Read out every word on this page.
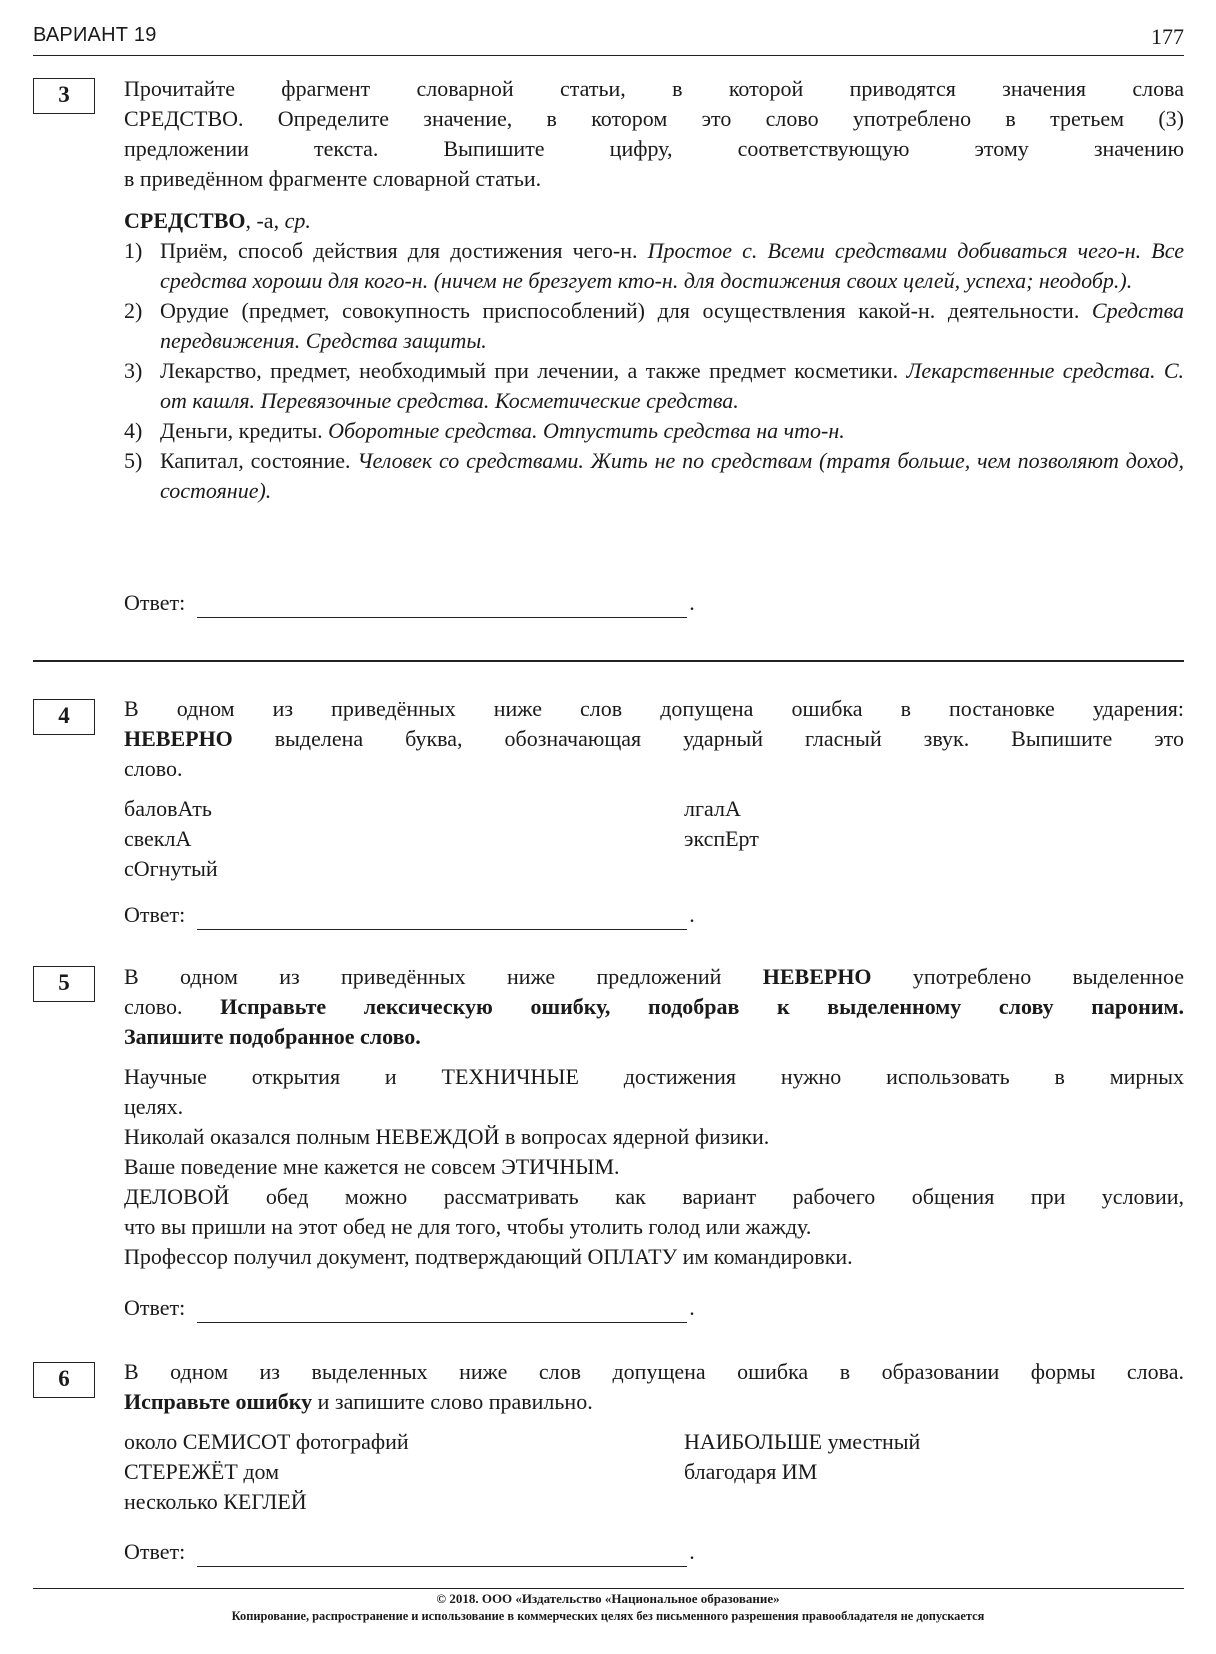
ВАРИАНТ 19	177
3	Прочитайте фрагмент словарной статьи, в которой приводятся значения слова
СРЕДСТВО. Определите значение, в котором это слово употреблено в третьем (3)
предложении текста. Выпишите цифру, соответствующую этому значению
в приведённом фрагменте словарной статьи.
СРЕДСТВО, -а, ср.
1) Приём, способ действия для достижения чего-н. Простое с. Всеми средствами добиваться чего-н. Все средства хороши для кого-н. (ничем не брезгует кто-н. для достижения своих целей, успеха; неодобр.).
2) Орудие (предмет, совокупность приспособлений) для осуществления какой-н. деятельности. Средства передвижения. Средства защиты.
3) Лекарство, предмет, необходимый при лечении, а также предмет косметики. Лекарственные средства. С. от кашля. Перевязочные средства. Косметические средства.
4) Деньги, кредиты. Оборотные средства. Отпустить средства на что-н.
5) Капитал, состояние. Человек со средствами. Жить не по средствам (тратя больше, чем позволяют доход, состояние).
Ответ:	.
4	В одном из приведённых ниже слов допущена ошибка в постановке ударения:
НЕВЕРНО выделена буква, обозначающая ударный гласный звук. Выпишите это
слово.
баловАть
свеклА
сОгнутый
лгалА
экспЕрт
Ответ:	.
5	В одном из приведённых ниже предложений НЕВЕРНО употреблено выделенное
слово. Исправьте лексическую ошибку, подобрав к выделенному слову пароним.
Запишите подобранное слово.
Научные открытия и ТЕХНИЧНЫЕ достижения нужно использовать в мирных
целях.
Николай оказался полным НЕВЕЖДОЙ в вопросах ядерной физики.
Ваше поведение мне кажется не совсем ЭТИЧНЫМ.
ДЕЛОВОЙ обед можно рассматривать как вариант рабочего общения при условии,
что вы пришли на этот обед не для того, чтобы утолить голод или жажду.
Профессор получил документ, подтверждающий ОПЛАТУ им командировки.
Ответ:	.
6	В одном из выделенных ниже слов допущена ошибка в образовании формы слова.
Исправьте ошибку и запишите слово правильно.
около СЕМИСОТ фотографий
СТЕРЕЖЁТ дом
несколько КЕГЛЕЙ
НАИБОЛЬШЕ уместный
благодаря ИМ
Ответ:	.
© 2018. ООО «Издательство «Национальное образование»
Копирование, распространение и использование в коммерческих целях без письменного разрешения правообладателя не допускается
